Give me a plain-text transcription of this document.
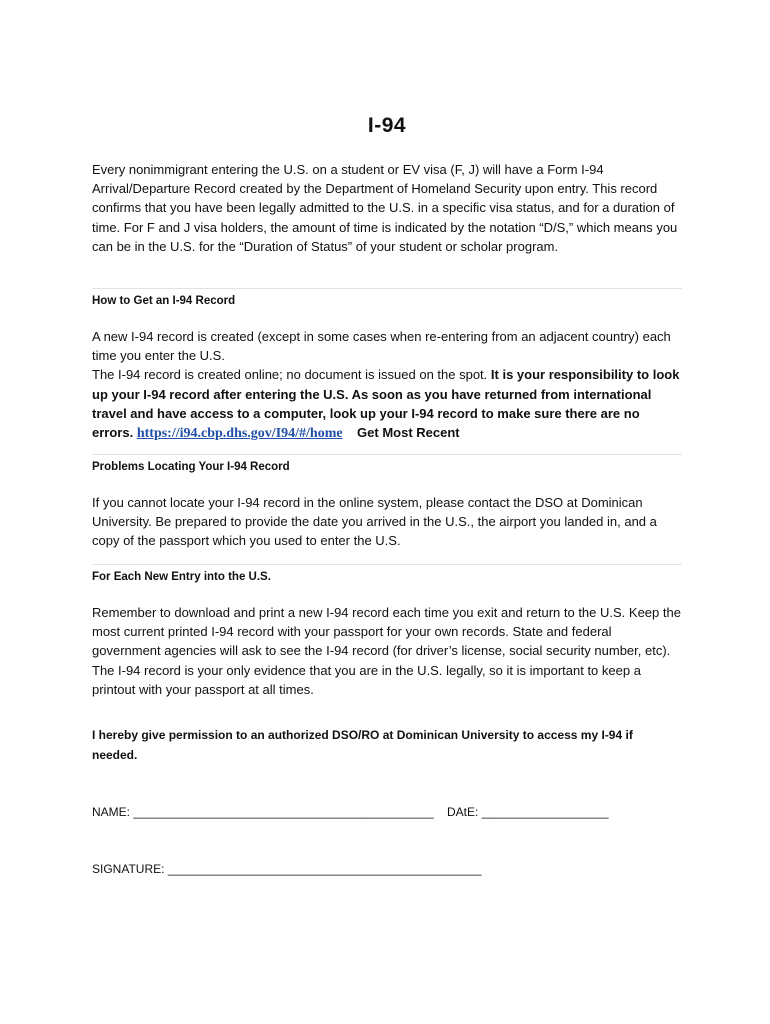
I-94

Every nonimmigrant entering the U.S. on a student or EV visa (F, J) will have a Form I-94 Arrival/Departure Record created by the Department of Homeland Security upon entry. This record confirms that you have been legally admitted to the U.S. in a specific visa status, and for a duration of time. For F and J visa holders, the amount of time is indicated by the notation “D/S,” which means you can be in the U.S. for the “Duration of Status” of your student or scholar program.

How to Get an I-94 Record

A new I-94 record is created (except in some cases when re-entering from an adjacent country) each time you enter the U.S.

The I-94 record is created online; no document is issued on the spot. It is your responsibility to look up your I-94 record after entering the U.S. As soon as you have returned from international travel and have access to a computer, look up your I-94 record to make sure there are no errors. https://i94.cbp.dhs.gov/I94/#/home Get Most Recent

Problems Locating Your I-94 Record

If you cannot locate your I-94 record in the online system, please contact the DSO at Dominican University. Be prepared to provide the date you arrived in the U.S., the airport you landed in, and a copy of the passport which you used to enter the U.S.

For Each New Entry into the U.S.

Remember to download and print a new I-94 record each time you exit and return to the U.S. Keep the most current printed I-94 record with your passport for your own records. State and federal government agencies will ask to see the I-94 record (for driver’s license, social security number, etc). The I-94 record is your only evidence that you are in the U.S. legally, so it is important to keep a printout with your passport at all times.

I hereby give permission to an authorized DSO/RO at Dominican University to access my I-94 if needed.

NAME: _____________________________________________ DAtE: ___________________
SIGNATURE: _______________________________________________
